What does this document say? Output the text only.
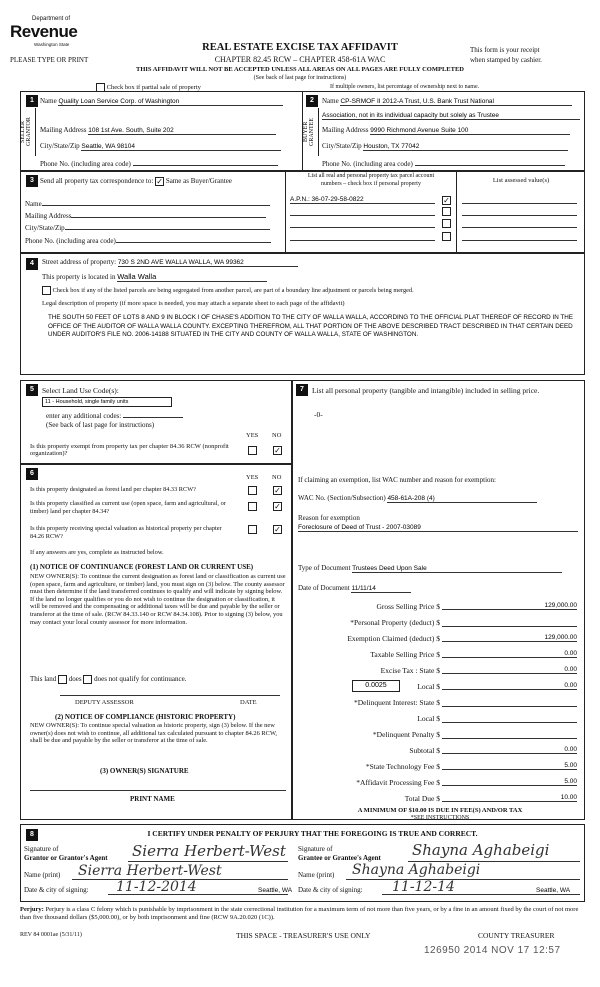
Department of
Revenue
Washington State
PLEASE TYPE OR PRINT
REAL ESTATE EXCISE TAX AFFIDAVIT
CHAPTER 82.45 RCW – CHAPTER 458-61A WAC
This form is your receipt
when stamped by cashier.
THIS AFFIDAVIT WILL NOT BE ACCEPTED UNLESS ALL AREAS ON ALL PAGES ARE FULLY COMPLETED
(See back of last page for instructions)
Check box if partial sale of property	If multiple owners, list percentage of ownership next to name.
SELLER GRANTOR
1 Name Quality Loan Service Corp. of Washington
Mailing Address 108 1st Ave. South, Suite 202
City/State/Zip Seattle, WA 98104
Phone No. (including area code)
BUYER GRANTEE
2	Name CP-SRMOF II 2012-A Trust, U.S. Bank Trust National
Association, not in its individual capacity but solely as Trustee
Mailing Address 9990 Richmond Avenue Suite 100
City/State/Zip Houston, TX 77042
Phone No. (including area code)
3 Send all property tax correspondence to: ✓ Same as Buyer/Grantee
List all real and personal property tax parcel account
numbers – check box if personal property	List assessed value(s)
Name
Mailing Address
City/State/Zip
Phone No. (including area code)
A.P.N.: 36-07-29-58-0822	✓
4	Street address of property: 730 S 2ND AVE WALLA WALLA, WA 99362
This property is located in Walla Walla
Check box if any of the listed parcels are being segregated from another parcel, are part of a boundary line adjustment or parcels being merged.
Legal description of property (if more space is needed, you may attach a separate sheet to each page of the affidavit)
THE SOUTH 50 FEET OF LOTS 8 AND 9 IN BLOCK I OF CHASE'S ADDITION TO THE CITY OF WALLA WALLA, ACCORDING TO THE OFFICIAL PLAT THEREOF OF RECORD IN THE OFFICE OF THE AUDITOR OF WALLA WALLA COUNTY. EXCEPTING THEREFROM, ALL THAT PORTION OF THE ABOVE DESCRIBED TRACT DESCRIBED IN THAT CERTAIN DEED UNDER AUDITOR'S FILE NO. 2006-14188 SITUATED IN THE CITY AND COUNTY OF WALLA WALLA, STATE OF WASHINGTON.
5	Select Land Use Code(s):
11 - Household, single family units
enter any additional codes:
(See back of last page for instructions)
YES NO
Is this property exempt from property tax per chapter 84.36 RCW (nonprofit organization)?	✓
6
YES NO
Is this property designated as forest land per chapter 84.33 RCW?	✓
Is this property classified as current use (open space, farm and agricultural, or timber) land per chapter 84.34?	✓
Is this property receiving special valuation as historical property per chapter 84.26 RCW?
✓
If any answers are yes, complete as instructed below.
(1) NOTICE OF CONTINUANCE (FOREST LAND OR CURRENT USE)
NEW OWNER(S): To continue the current designation as forest land or classification as current use (open space, farm and agriculture, or timber) land, you must sign on (3) below. The county assessor must then determine if the land transferred continues to qualify and will indicate by signing below. If the land no longer qualifies or you do not wish to continue the designation or classification, it will be removed and the compensating or additional taxes will be due and payable by the seller or transferor at the time of sale. (RCW 84.33.140 or RCW 84.34.108). Prior to signing (3) below, you may contact your local county assessor for more information.
This land does does not qualify for continuance.
DEPUTY ASSESSOR	DATE
(2) NOTICE OF COMPLIANCE (HISTORIC PROPERTY)
NEW OWNER(S): To continue special valuation as historic property, sign (3) below. If the new owner(s) does not wish to continue, all additional tax calculated pursuant to chapter 84.26 RCW, shall be due and payable by the seller or transferor at the time of sale.
(3) OWNER(S) SIGNATURE
PRINT NAME
7	List all personal property (tangible and intangible) included in selling price.
-0-
If claiming an exemption, list WAC number and reason for exemption:
WAC No. (Section/Subsection) 458-61A-208 (4)
Reason for exemption
Foreclosure of Deed of Trust - 2007-03089
Type of Document Trustees Deed Upon Sale
Date of Document 11/11/14
Gross Selling Price $	129,000.00
*Personal Property (deduct) $
Exemption Claimed (deduct) $	129,000.00
Taxable Selling Price $	0.00
Excise Tax : State $	0.00
0.0025	Local $	0.00
*Delinquent Interest: State $
Local $
*Delinquent Penalty $
Subtotal $	0.00
*State Technology Fee $	5.00
*Affidavit Processing Fee $	5.00
Total Due $	10.00
A MINIMUM OF $10.00 IS DUE IN FEE(S) AND/OR TAX
*SEE INSTRUCTIONS
8	I CERTIFY UNDER PENALTY OF PERJURY THAT THE FOREGOING IS TRUE AND CORRECT.
Signature of
Grantor or Grantor's Agent Sierra Herbert-West
Name (print) Sierra Herbert-West
Date & city of signing: 11-12-2014	Seattle, WA
Signature of
Grantee or Grantee's Agent Shayna Aghabeigi
Name (print) Shayna Aghabeigi
Date & city of signing: 11-12-14	Seattle, WA
Perjury: Perjury is a class C felony which is punishable by imprisonment in the state correctional institution for a maximum term of not more than five years, or by a fine in an amount fixed by the court of not more than five thousand dollars ($5,000.00), or by both imprisonment and fine (RCW 9A.20.020 (1C)).
REV 84 0001ae (5/31/11)	THIS SPACE - TREASURER'S USE ONLY	COUNTY TREASURER
126950 2014 NOV 17 12:57
